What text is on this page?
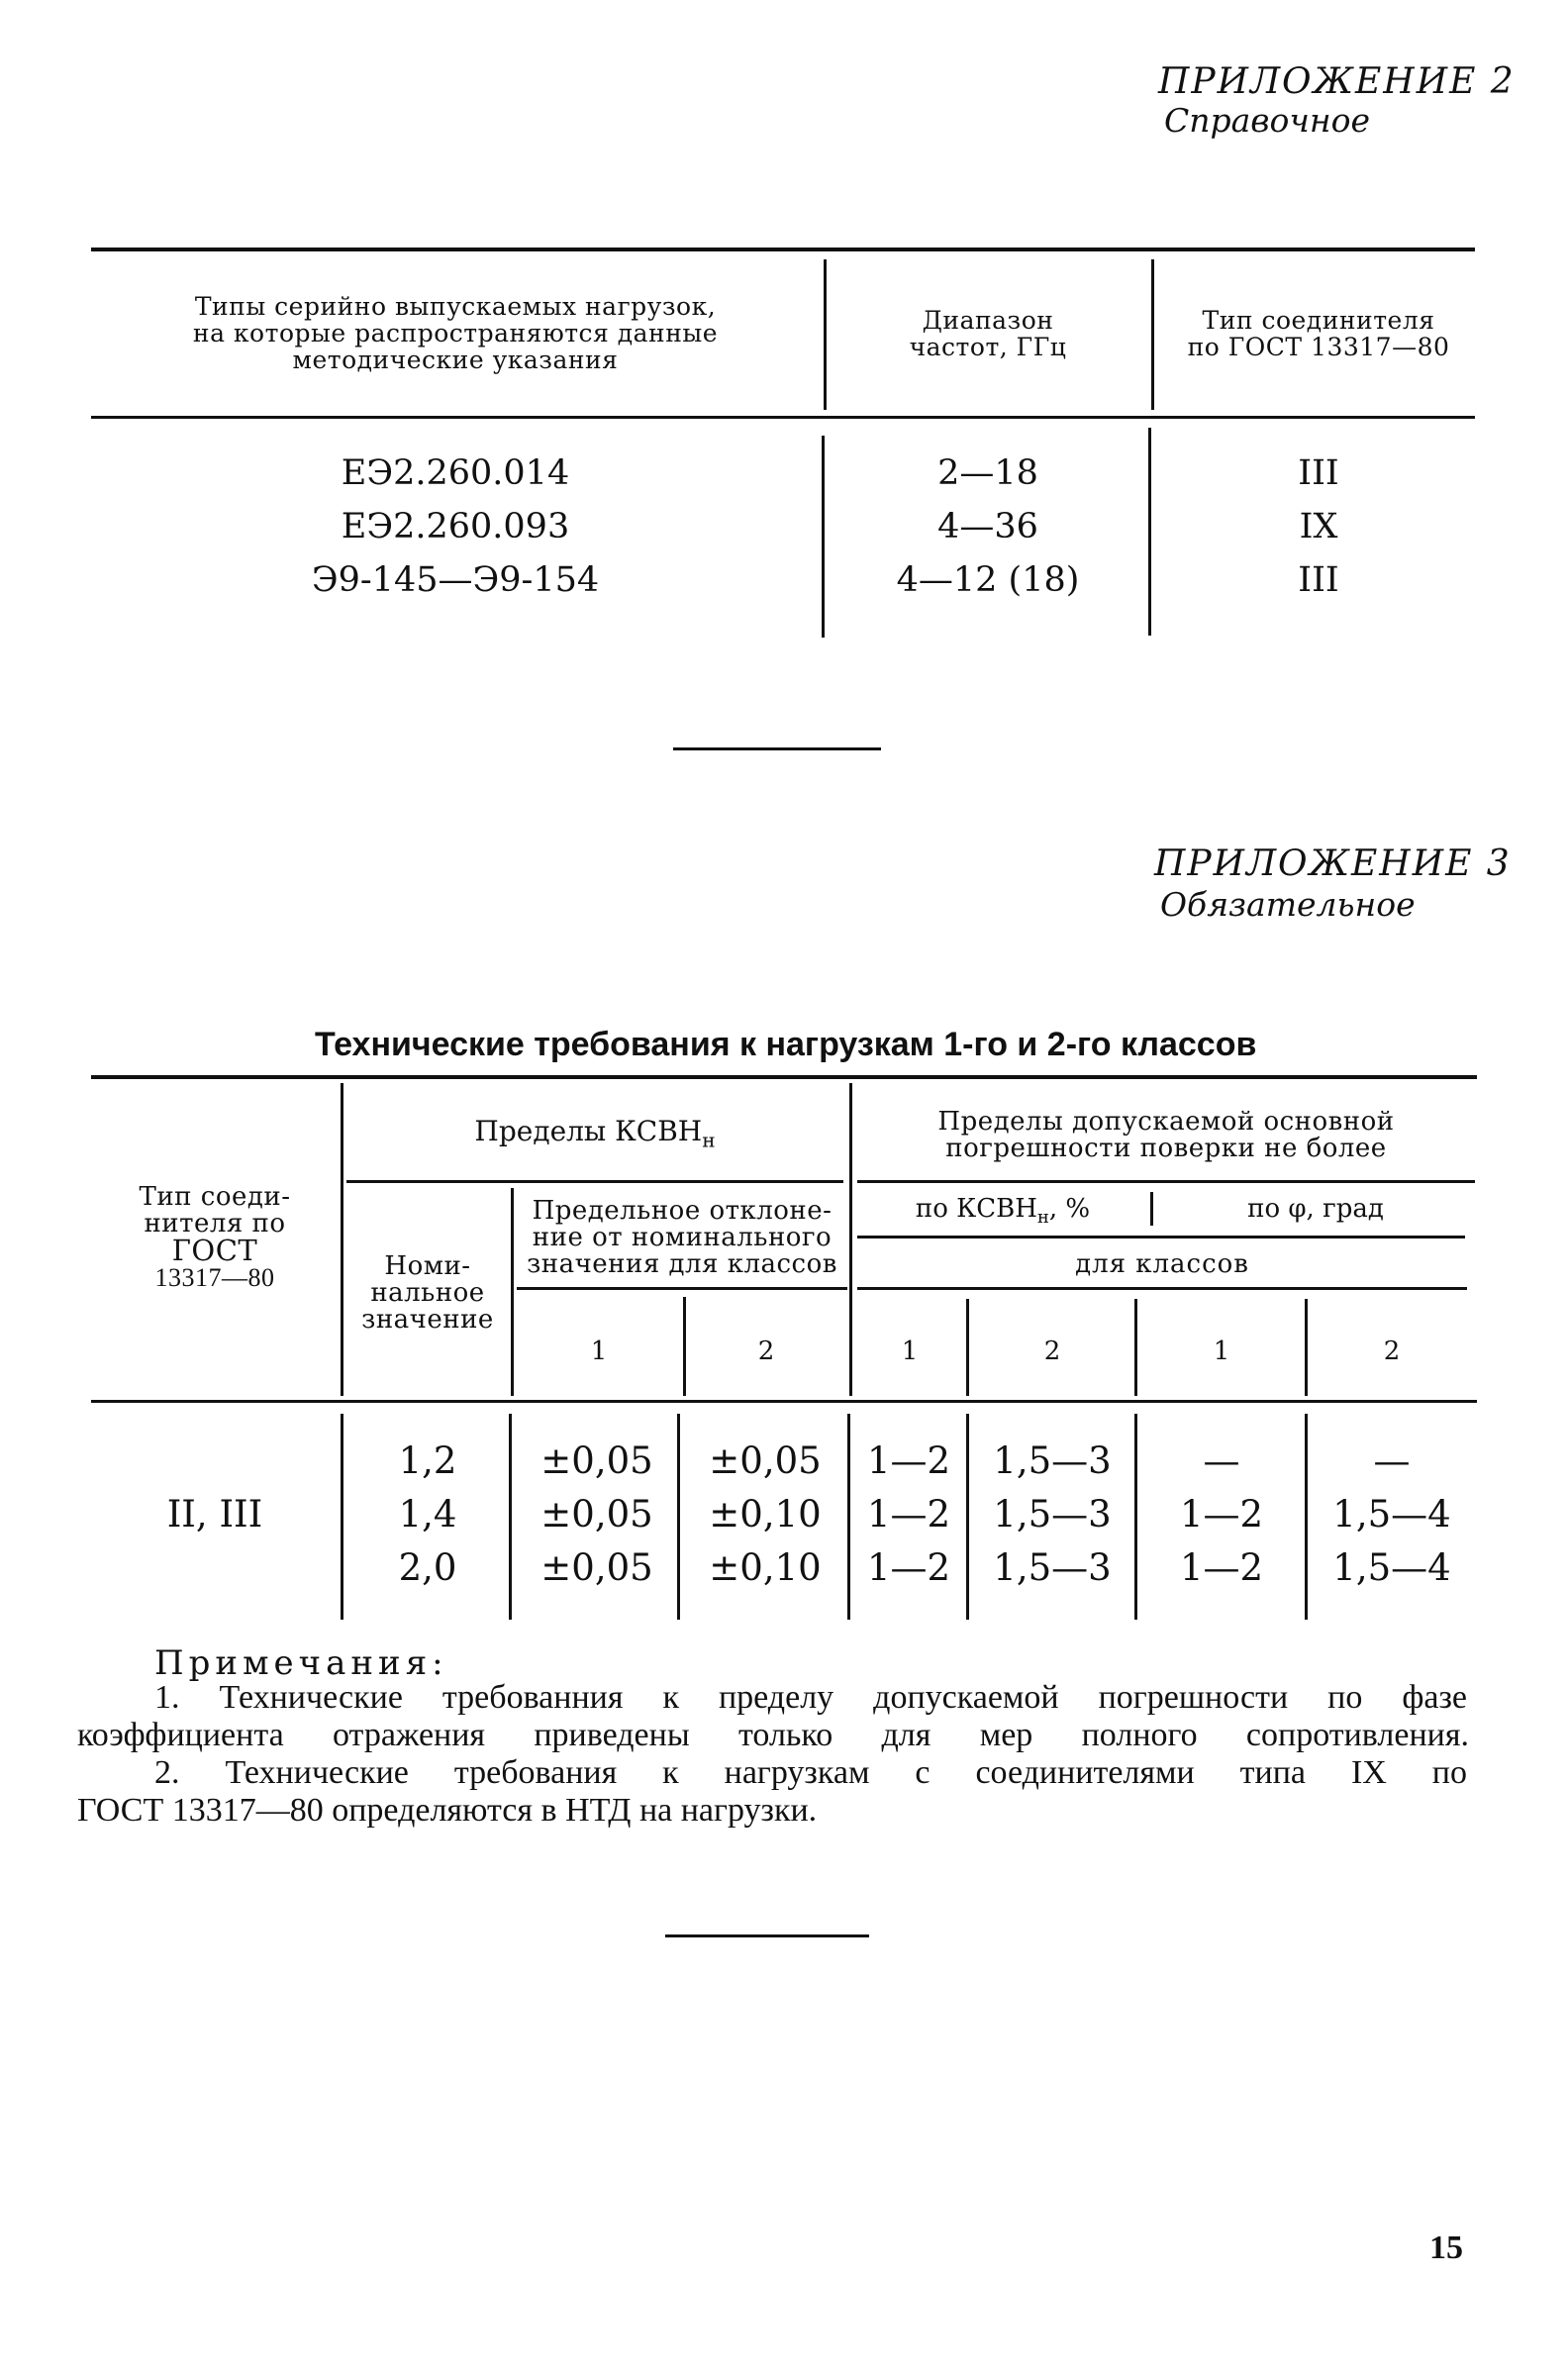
ПРИЛОЖЕНИЕ 2
Справочное
Типы серийно выпускаемых нагрузок,
на которые распространяются данные
методические указания
Диапазон
частот, ГГц
Тип соединителя
по ГОСТ 13317—80
ЕЭ2.260.014	2—18	III
ЕЭ2.260.093	4—36	IX
Э9-145—Э9-154	4—12 (18)	III
ПРИЛОЖЕНИЕ 3
Обязательное
Технические требования к нагрузкам 1-го и 2-го классов
Тип соеди-
нителя по
ГОСТ
13317—80
Пределы $КСВН_н$
Номи-
нальное
значение
Предельное отклоне-
ние от номинального
значения для классов
Пределы допускаемой основной
погрешности поверки не более
по $КСВН_н$, %	по φ, град
для классов
1	2	1	2	1	2
II, III
1,2	±0,05	±0,05	1—2	1,5—3	—	—
1,4	±0,05	±0,10	1—2	1,5—3	1—2	1,5—4
2,0	±0,05	±0,10	1—2	1,5—3	1—2	1,5—4
Примечания:
1. Технические требованния к пределу допускаемой погрешности по фазе
коэффициента отражения приведены только для мер полного сопротивления.
2. Технические требования к нагрузкам с соединителями типа IX по
ГОСТ 13317—80 определяются в НТД на нагрузки.
15
